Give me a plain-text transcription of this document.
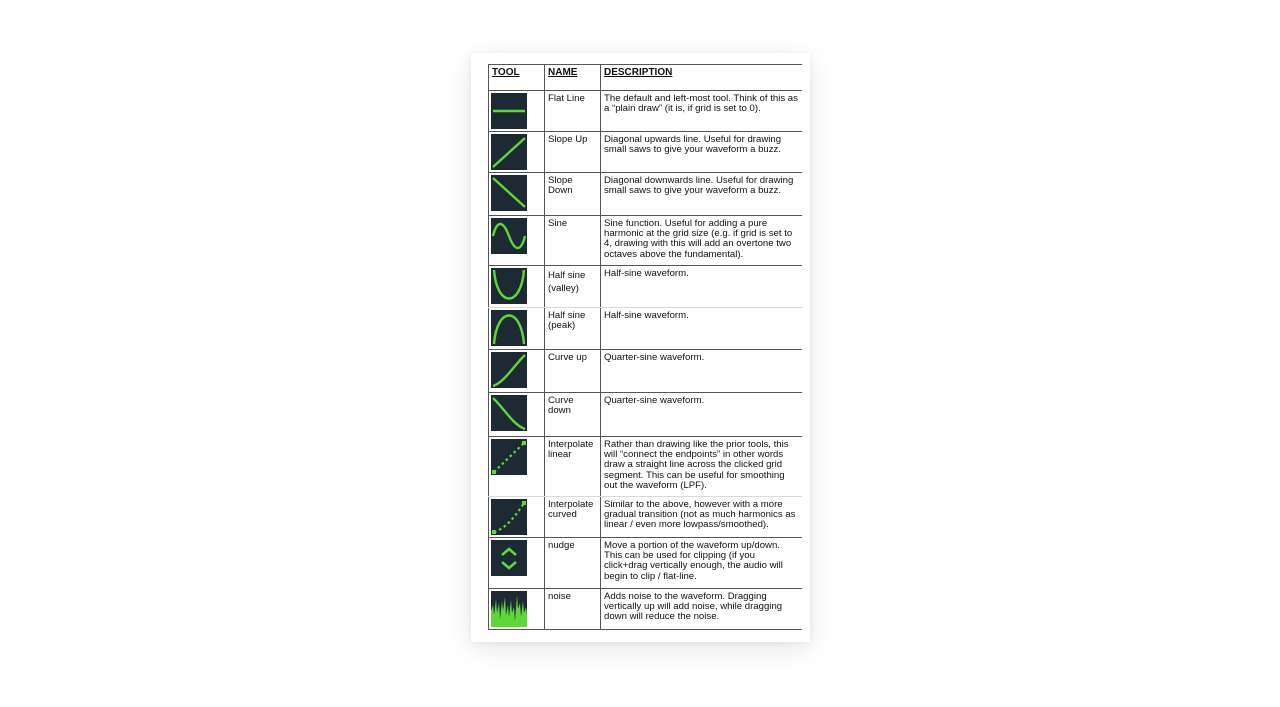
TOOL	NAME	DESCRIPTION

	Flat Line	The default and left-most tool. Think of this as a “plain draw” (it is, if grid is set to 0).

	Slope Up	Diagonal upwards line. Useful for drawing small saws to give your waveform a buzz.

	Slope Down	Diagonal downwards line. Useful for drawing small saws to give your waveform a buzz.

	Sine	Sine function. Useful for adding a pure harmonic at the grid size (e.g. if grid is set to 4, drawing with this will add an overtone two octaves above the fundamental).

	Half sine (valley)	Half-sine waveform.

	Half sine (peak)	Half-sine waveform.

	Curve up	Quarter-sine waveform.

	Curve down	Quarter-sine waveform.

	Interpolate linear	Rather than drawing like the prior tools, this will “connect the endpoints” in other words draw a straight line across the clicked grid segment. This can be useful for smoothing out the waveform (LPF).

	Interpolate curved	Similar to the above, however with a more gradual transition (not as much harmonics as linear / even more lowpass/smoothed).

	nudge	Move a portion of the waveform up/down. This can be used for clipping (if you click+drag vertically enough, the audio will begin to clip / flat-line.

	noise	Adds noise to the waveform. Dragging vertically up will add noise, while dragging down will reduce the noise.
